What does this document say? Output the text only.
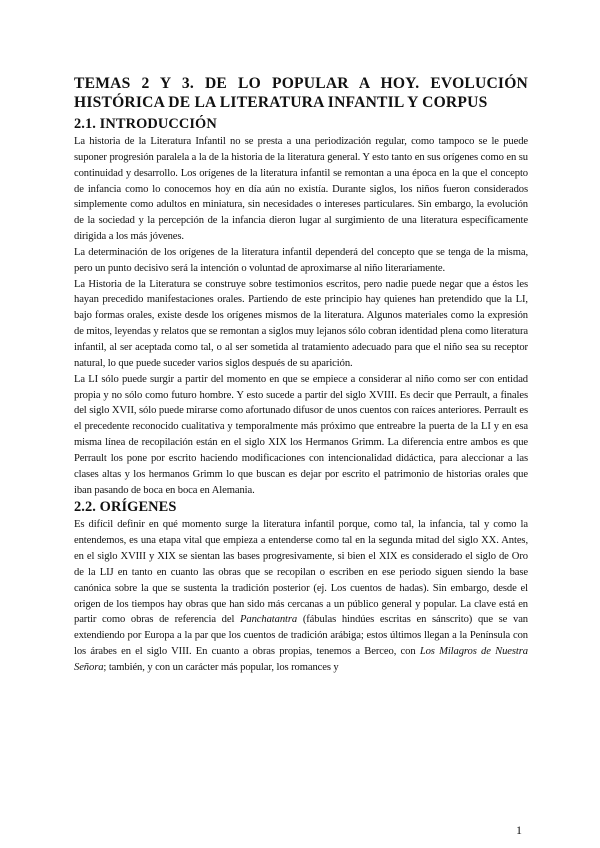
TEMAS 2 Y 3. DE LO POPULAR A HOY. EVOLUCIÓN HISTÓRICA DE LA LITERATURA INFANTIL Y CORPUS
2.1. INTRODUCCIÓN

La historia de la Literatura Infantil no se presta a una periodización regular, como tampoco se le puede suponer progresión paralela a la de la historia de la literatura general. Y esto tanto en sus orígenes como en su continuidad y desarrollo. Los orígenes de la literatura infantil se remontan a una época en la que el concepto de infancia como lo conocemos hoy en día aún no existía. Durante siglos, los niños fueron considerados simplemente como adultos en miniatura, sin necesidades o intereses particulares. Sin embargo, la evolución de la sociedad y la percepción de la infancia dieron lugar al surgimiento de una literatura específicamente dirigida a los más jóvenes.

La determinación de los orígenes de la literatura infantil dependerá del concepto que se tenga de la misma, pero un punto decisivo será la intención o voluntad de aproximarse al niño literariamente.

La Historia de la Literatura se construye sobre testimonios escritos, pero nadie puede negar que a éstos les hayan precedido manifestaciones orales. Partiendo de este principio hay quienes han pretendido que la LI, bajo formas orales, existe desde los orígenes mismos de la literatura. Algunos materiales como la expresión de mitos, leyendas y relatos que se remontan a siglos muy lejanos sólo cobran identidad plena como literatura infantil, al ser aceptada como tal, o al ser sometida al tratamiento adecuado para que el niño sea su receptor natural, lo que puede suceder varios siglos después de su aparición.

La LI sólo puede surgir a partir del momento en que se empiece a considerar al niño como ser con entidad propia y no sólo como futuro hombre. Y esto sucede a partir del siglo XVIII. Es decir que Perrault, a finales del siglo XVII, sólo puede mirarse como afortunado difusor de unos cuentos con raíces anteriores. Perrault es el precedente reconocido cualitativa y temporalmente más próximo que entreabre la puerta de la LI y en esa misma línea de recopilación están en el siglo XIX los Hermanos Grimm. La diferencia entre ambos es que Perrault los pone por escrito haciendo modificaciones con intencionalidad didáctica, para aleccionar a las clases altas y los hermanos Grimm lo que buscan es dejar por escrito el patrimonio de historias orales que iban pasando de boca en boca en Alemania.

2.2. ORÍGENES

Es difícil definir en qué momento surge la literatura infantil porque, como tal, la infancia, tal y como la entendemos, es una etapa vital que empieza a entenderse como tal en la segunda mitad del siglo XX. Antes, en el siglo XVIII y XIX se sientan las bases progresivamente, si bien el XIX es considerado el siglo de Oro de la LIJ en tanto en cuanto las obras que se recopilan o escriben en ese periodo siguen siendo la base canónica sobre la que se sustenta la tradición posterior (ej. Los cuentos de hadas). Sin embargo, desde el origen de los tiempos hay obras que han sido más cercanas a un público general y popular. La clave está en partir como obras de referencia del Panchatantra (fábulas hindúes escritas en sánscrito) que se van extendiendo por Europa a la par que los cuentos de tradición arábiga; estos últimos llegan a la Península con los árabes en el siglo VIII. En cuanto a obras propias, tenemos a Berceo, con Los Milagros de Nuestra Señora; también, y con un carácter más popular, los romances y

1
